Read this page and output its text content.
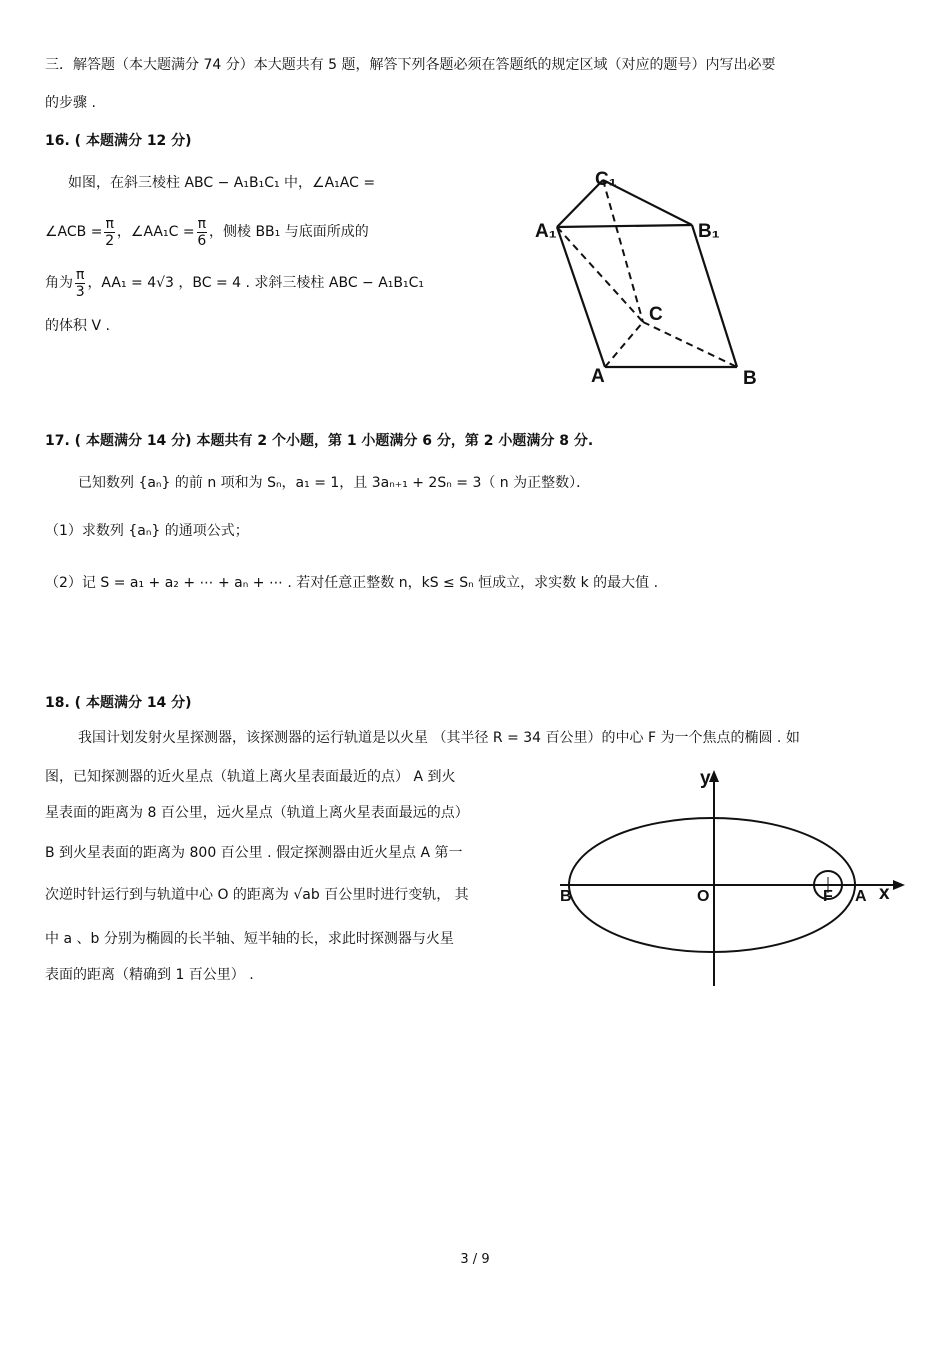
三．解答题（本大题满分 74 分）本大题共有 5 题，解答下列各题必须在答题纸的规定区域（对应的题号）内写出必要
的步骤 .
16. ( 本题满分 12 分)
如图，在斜三棱柱 ABC − A₁B₁C₁ 中，∠A₁AC =
∠ACB = $\frac{\pi}{2}$ ，∠AA₁C = $\frac{\pi}{6}$ ，侧棱 BB₁ 与底面所成的
角为 $\frac{\pi}{3}$ ，AA₁ = 4√3 ，BC = 4 . 求斜三棱柱 ABC − A₁B₁C₁
的体积 V .
C₁
A₁	B₁
C
A	B
17. ( 本题满分 14 分) 本题共有 2 个小题，第 1 小题满分 6 分，第 2 小题满分 8 分.
已知数列 {aₙ} 的前 n 项和为 Sₙ，a₁ = 1，且 3aₙ₊₁ + 2Sₙ = 3（ n 为正整数）．
（1）求数列 {aₙ} 的通项公式；
（2）记 S = a₁ + a₂ + ⋯ + aₙ + ⋯ . 若对任意正整数 n，kS ≤ Sₙ 恒成立，求实数 k 的最大值 .
18. ( 本题满分 14 分)
我国计划发射火星探测器，该探测器的运行轨道是以火星 （其半径 R = 34 百公里）的中心 F 为一个焦点的椭圆 . 如
图，已知探测器的近火星点（轨道上离火星表面最近的点） A 到火
星表面的距离为 8 百公里，远火星点（轨道上离火星表面最远的点）
B 到火星表面的距离为 800 百公里 . 假定探测器由近火星点 A 第一
次逆时针运行到与轨道中心 O 的距离为 √ab 百公里时进行变轨， 其
中 a 、b 分别为椭圆的长半轴、短半轴的长，求此时探测器与火星
表面的距离（精确到 1 百公里） .
y
x
O
B	F A
3 / 9
